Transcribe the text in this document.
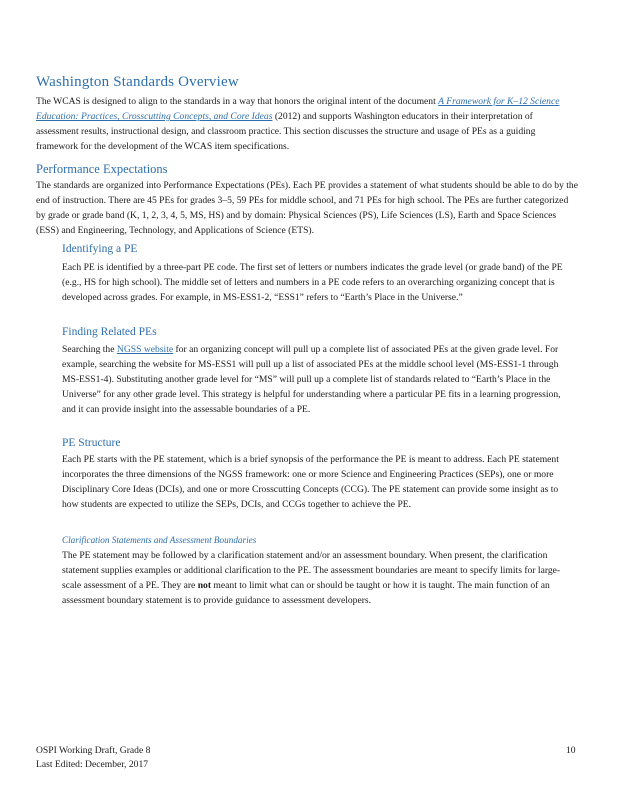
Washington Standards Overview

The WCAS is designed to align to the standards in a way that honors the original intent of the document A Framework for K–12 Science Education: Practices, Crosscutting Concepts, and Core Ideas (2012) and supports Washington educators in their interpretation of assessment results, instructional design, and classroom practice. This section discusses the structure and usage of PEs as a guiding framework for the development of the WCAS item specifications.

Performance Expectations

The standards are organized into Performance Expectations (PEs). Each PE provides a statement of what students should be able to do by the end of instruction. There are 45 PEs for grades 3–5, 59 PEs for middle school, and 71 PEs for high school. The PEs are further categorized by grade or grade band (K, 1, 2, 3, 4, 5, MS, HS) and by domain: Physical Sciences (PS), Life Sciences (LS), Earth and Space Sciences (ESS) and Engineering, Technology, and Applications of Science (ETS).

Identifying a PE

Each PE is identified by a three-part PE code. The first set of letters or numbers indicates the grade level (or grade band) of the PE (e.g., HS for high school). The middle set of letters and numbers in a PE code refers to an overarching organizing concept that is developed across grades. For example, in MS-ESS1-2, “ESS1” refers to “Earth’s Place in the Universe.”

Finding Related PEs

Searching the NGSS website for an organizing concept will pull up a complete list of associated PEs at the given grade level. For example, searching the website for MS-ESS1 will pull up a list of associated PEs at the middle school level (MS-ESS1-1 through MS-ESS1-4). Substituting another grade level for “MS” will pull up a complete list of standards related to “Earth’s Place in the Universe” for any other grade level. This strategy is helpful for understanding where a particular PE fits in a learning progression, and it can provide insight into the assessable boundaries of a PE.

PE Structure

Each PE starts with the PE statement, which is a brief synopsis of the performance the PE is meant to address. Each PE statement incorporates the three dimensions of the NGSS framework: one or more Science and Engineering Practices (SEPs), one or more Disciplinary Core Ideas (DCIs), and one or more Crosscutting Concepts (CCG). The PE statement can provide some insight as to how students are expected to utilize the SEPs, DCIs, and CCGs together to achieve the PE.

Clarification Statements and Assessment Boundaries

The PE statement may be followed by a clarification statement and/or an assessment boundary. When present, the clarification statement supplies examples or additional clarification to the PE. The assessment boundaries are meant to specify limits for large-scale assessment of a PE. They are not meant to limit what can or should be taught or how it is taught. The main function of an assessment boundary statement is to provide guidance to assessment developers.

OSPI Working Draft, Grade 8
Last Edited: December, 2017
10
